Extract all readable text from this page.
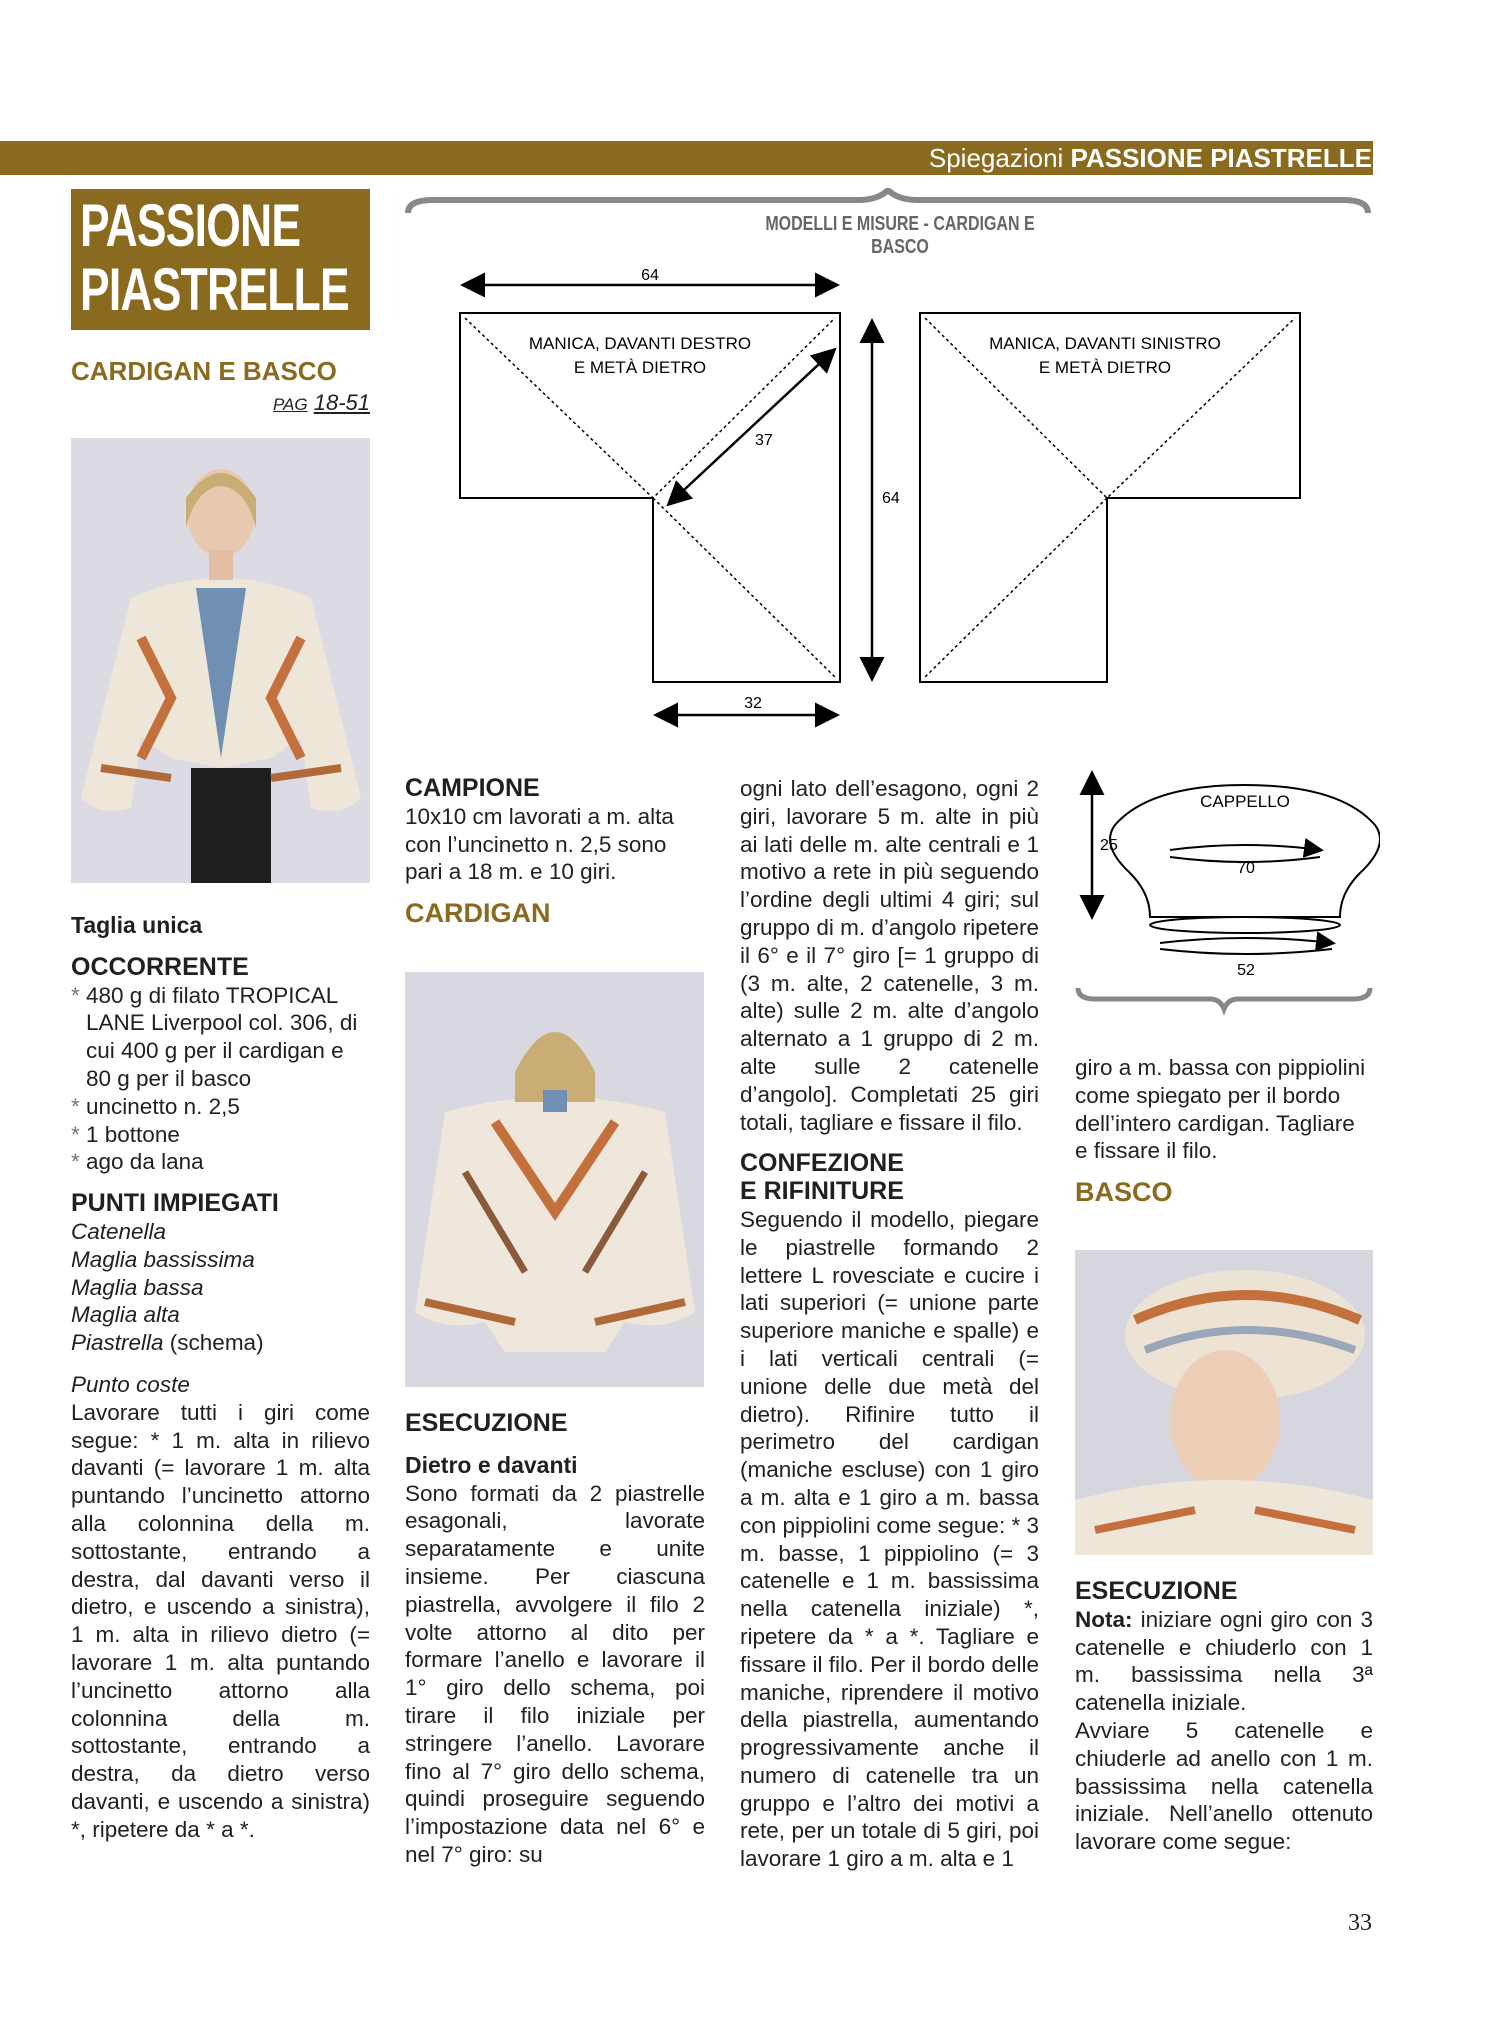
Spiegazioni PASSIONE PIASTRELLE
PASSIONE
PIASTRELLE
CARDIGAN E BASCO
PAG 18-51
MODELLI E MISURE - CARDIGAN E BASCO
64
37
64
32
MANICA, DAVANTI DESTRO
E METÀ DIETRO
MANICA, DAVANTI SINISTRO
E METÀ DIETRO
CAPPELLO
25
70
52

Taglia unica

OCCORRENTE

* 480 g di filato TROPICAL LANE Liverpool col. 306, di cui 400 g per il cardigan e 80 g per il basco
* uncinetto n. 2,5
* 1 bottone
* ago da lana

PUNTI IMPIEGATI

Catenella

Maglia bassissima

Maglia bassa

Maglia alta

Piastrella (schema)

Punto coste

Lavorare tutti i giri come segue: * 1 m. alta in rilievo davanti (= lavorare 1 m. alta puntando l’uncinetto attorno alla colonnina della m. sottostante, entrando a destra, dal davanti verso il dietro, e uscendo a sinistra), 1 m. alta in rilievo dietro (= lavorare 1 m. alta puntando l’uncinetto attorno alla colonnina della m. sottostante, entrando a destra, da dietro verso davanti, e uscendo a sinistra) *, ripetere da * a *.

CAMPIONE

10x10 cm lavorati a m. alta con l’uncinetto n. 2,5 sono pari a 18 m. e 10 giri.

CARDIGAN

ESECUZIONE

Dietro e davanti

Sono formati da 2 piastrelle esagonali, lavorate separatamente e unite insieme. Per ciascuna piastrella, avvolgere il filo 2 volte attorno al dito per formare l’anello e lavorare il 1° giro dello schema, poi tirare il filo iniziale per stringere l’anello. Lavorare fino al 7° giro dello schema, quindi proseguire seguendo l’impostazione data nel 6° e nel 7° giro: su

ogni lato dell’esagono, ogni 2 giri, lavorare 5 m. alte in più ai lati delle m. alte centrali e 1 motivo a rete in più seguendo l’ordine degli ultimi 4 giri; sul gruppo di m. d’angolo ripetere il 6° e il 7° giro [= 1 gruppo di (3 m. alte, 2 catenelle, 3 m. alte) sulle 2 m. alte d’angolo alternato a 1 gruppo di 2 m. alte sulle 2 catenelle d’angolo]. Completati 25 giri totali, tagliare e fissare il filo.

CONFEZIONE

E RIFINITURE

Seguendo il modello, piegare le piastrelle formando 2 lettere L rovesciate e cucire i lati superiori (= unione parte superiore maniche e spalle) e i lati verticali centrali (= unione delle due metà del dietro). Rifinire tutto il perimetro del cardigan (maniche escluse) con 1 giro a m. alta e 1 giro a m. bassa con pippiolini come segue: * 3 m. basse, 1 pippiolino (= 3 catenelle e 1 m. bassissima nella catenella iniziale) *, ripetere da * a *. Tagliare e fissare il filo. Per il bordo delle maniche, riprendere il motivo della piastrella, aumentando progressivamente anche il numero di catenelle tra un gruppo e l’altro dei motivi a rete, per un totale di 5 giri, poi lavorare 1 giro a m. alta e 1

giro a m. bassa con pippiolini come spiegato per il bordo dell’intero cardigan. Tagliare e fissare il filo.

BASCO

ESECUZIONE

Nota: iniziare ogni giro con 3 catenelle e chiuderlo con 1 m. bassissima nella 3ª catenella iniziale.

Avviare 5 catenelle e chiuderle ad anello con 1 m. bassissima nella catenella iniziale. Nell’anello ottenuto lavorare come segue:

33
